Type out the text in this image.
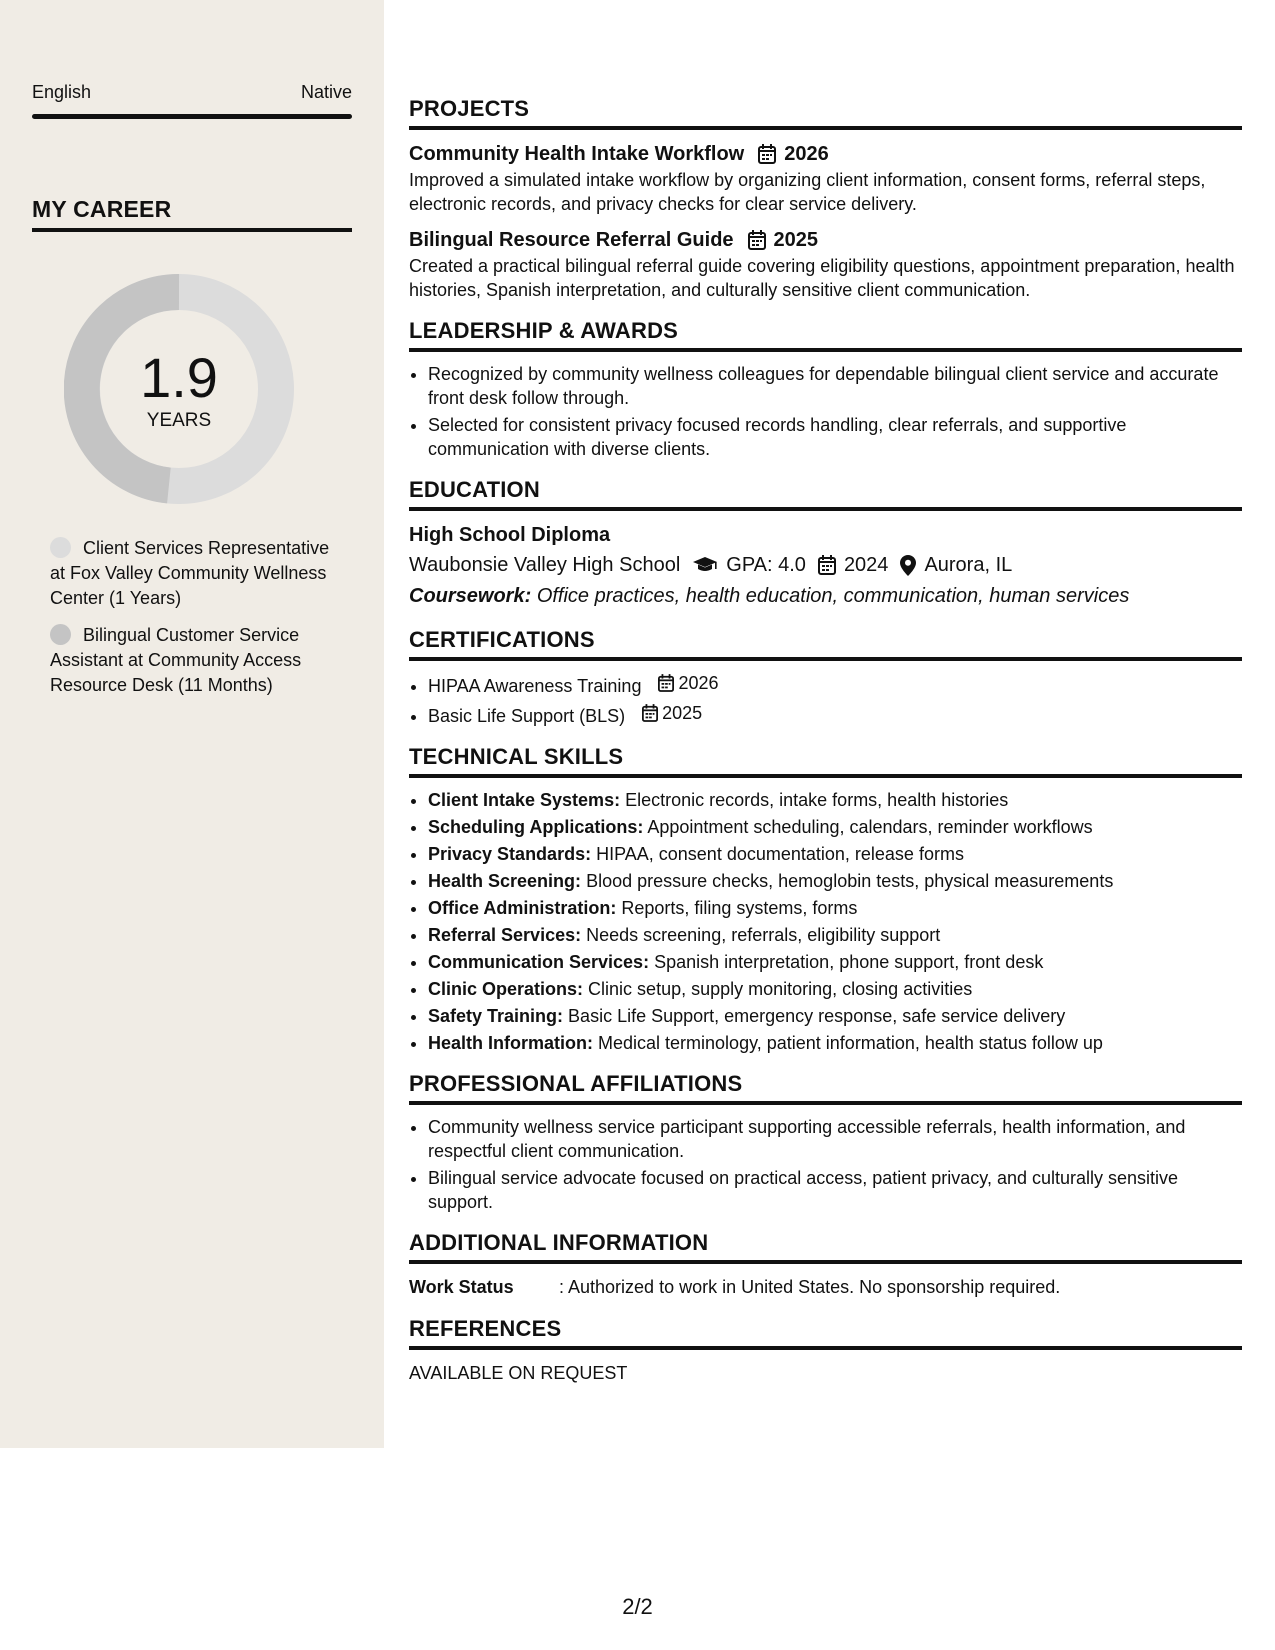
English	Native
MY CAREER
1.9
YEARS
Client Services Representative at Fox Valley Community Wellness Center (1 Years)
Bilingual Customer Service Assistant at Community Access Resource Desk (11 Months)
PROJECTS
Community Health Intake Workflow 2026
Improved a simulated intake workflow by organizing client information, consent forms, referral steps, electronic records, and privacy checks for clear service delivery.
Bilingual Resource Referral Guide 2025
Created a practical bilingual referral guide covering eligibility questions, appointment preparation, health histories, Spanish interpretation, and culturally sensitive client communication.
LEADERSHIP & AWARDS
• Recognized by community wellness colleagues for dependable bilingual client service and accurate front desk follow through.
• Selected for consistent privacy focused records handling, clear referrals, and supportive communication with diverse clients.
EDUCATION
High School Diploma
Waubonsie Valley High School GPA: 4.0 2024 Aurora, IL
Coursework: Office practices, health education, communication, human services
CERTIFICATIONS
• HIPAA Awareness Training 2026
• Basic Life Support (BLS) 2025
TECHNICAL SKILLS
• Client Intake Systems: Electronic records, intake forms, health histories
• Scheduling Applications: Appointment scheduling, calendars, reminder workflows
• Privacy Standards: HIPAA, consent documentation, release forms
• Health Screening: Blood pressure checks, hemoglobin tests, physical measurements
• Office Administration: Reports, filing systems, forms
• Referral Services: Needs screening, referrals, eligibility support
• Communication Services: Spanish interpretation, phone support, front desk
• Clinic Operations: Clinic setup, supply monitoring, closing activities
• Safety Training: Basic Life Support, emergency response, safe service delivery
• Health Information: Medical terminology, patient information, health status follow up
PROFESSIONAL AFFILIATIONS
• Community wellness service participant supporting accessible referrals, health information, and respectful client communication.
• Bilingual service advocate focused on practical access, patient privacy, and culturally sensitive support.
ADDITIONAL INFORMATION
Work Status	: Authorized to work in United States. No sponsorship required.
REFERENCES
AVAILABLE ON REQUEST
2/2
